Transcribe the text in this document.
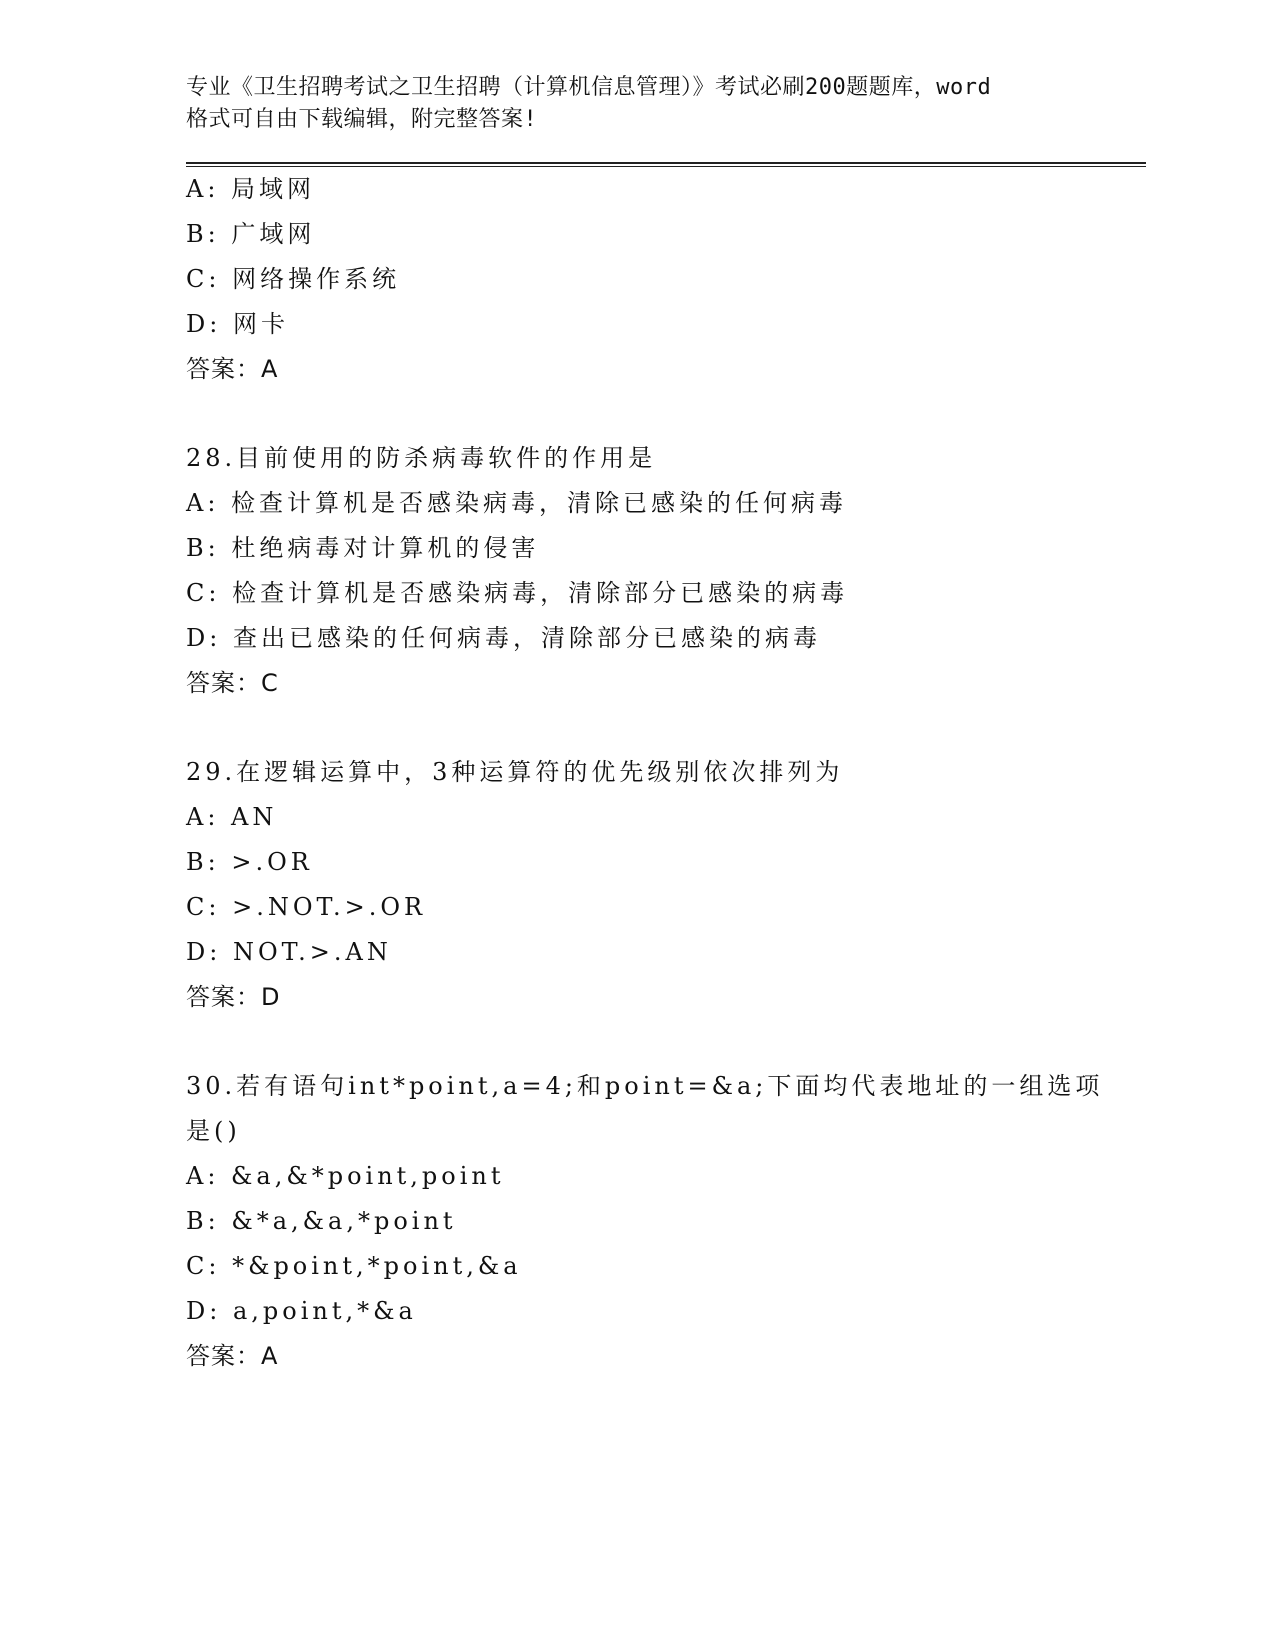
专业《卫生招聘考试之卫生招聘（计算机信息管理）》考试必刷200题题库，word
格式可自由下载编辑，附完整答案!
A: 局域网
B: 广域网
C: 网络操作系统
D: 网卡
答案：A
28.目前使用的防杀病毒软件的作用是
A: 检查计算机是否感染病毒，清除已感染的任何病毒
B: 杜绝病毒对计算机的侵害
C: 检查计算机是否感染病毒，清除部分已感染的病毒
D: 查出已感染的任何病毒，清除部分已感染的病毒
答案：C
29.在逻辑运算中，3种运算符的优先级别依次排列为
A: AN
B: >.OR
C: >.NOT.>.OR
D: NOT.>.AN
答案：D
30.若有语句int*point,a=4;和point=&a;下面均代表地址的一组选项
是()
A: &a,&*point,point
B: &*a,&a,*point
C: *&point,*point,&a
D: a,point,*&a
答案：A
